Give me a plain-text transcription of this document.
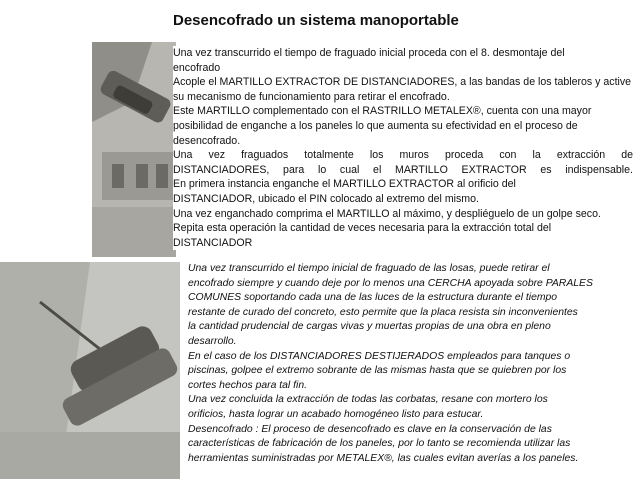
Desencofrado un sistema manoportable
Una vez transcurrido el tiempo de fraguado inicial proceda con el 8. desmontaje del
encofrado
Acople el MARTILLO EXTRACTOR DE DISTANCIADORES, a las bandas de los tableros y active
su mecanismo de funcionamiento para retirar el encofrado.
Este MARTILLO complementado con el RASTRILLO METALEX®, cuenta con una mayor
posibilidad de enganche a los paneles lo que aumenta su efectividad en el proceso de
desencofrado.
Una vez fraguados totalmente los muros proceda con la extracción de
DISTANCIADORES, para lo cual el MARTILLO EXTRACTOR es indispensable.
En primera instancia enganche el MARTILLO EXTRACTOR al orificio del
DISTANCIADOR, ubicado el PIN colocado al extremo del mismo.
Una vez enganchado comprima el MARTILLO al máximo, y despliéguelo de un golpe seco.
Repita esta operación la cantidad de veces necesaria para la extracción total del
DISTANCIADOR
Una vez transcurrido el tiempo inicial de fraguado de las losas, puede retirar el
encofrado siempre y cuando deje por lo menos una CERCHA apoyada sobre PARALES
COMUNES soportando cada una de las luces de la estructura durante el tiempo
restante de curado del concreto, esto permite que la placa resista sin inconvenientes
la cantidad prudencial de cargas vivas y muertas propias de una obra en pleno
desarrollo.
En el caso de los DISTANCIADORES DESTIJERADOS empleados para tanques o
piscinas, golpee el extremo sobrante de las mismas hasta que se quiebren por los
cortes hechos para tal fin.
Una vez concluida la extracción de todas las corbatas, resane con mortero los
orificios, hasta lograr un acabado homogéneo listo para estucar.
Desencofrado : El proceso de desencofrado es clave en la conservación de las
características de fabricación de los paneles, por lo tanto se recomienda utilizar las
herramientas suministradas por METALEX®, las cuales evitan averías a los paneles.
